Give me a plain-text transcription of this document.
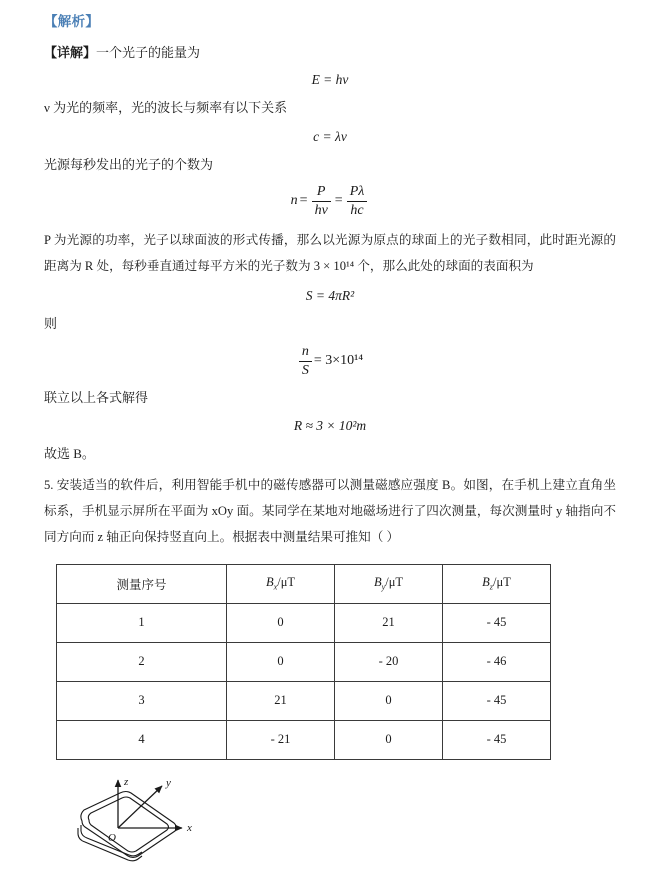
【解析】

【详解】一个光子的能量为

E = hv

ν 为光的频率，光的波长与频率有以下关系

c = λv

光源每秒发出的光子的个数为

$n = \frac{P}{hv} = \frac{P\lambda}{hc}$

P 为光源的功率，光子以球面波的形式传播，那么以光源为原点的球面上的光子数相同，此时距光源的距离为 R 处，每秒垂直通过每平方米的光子数为 3 × 10¹⁴ 个，那么此处的球面的表面积为

S = 4πR²

则

$\frac{n}{S} = 3\times 10^{14}$

联立以上各式解得

R ≈ 3 × 10²m

故选 B。

5. 安装适当的软件后，利用智能手机中的磁传感器可以测量磁感应强度 B。如图，在手机上建立直角坐标系，手机显示屏所在平面为 xOy 面。某同学在某地对地磁场进行了四次测量，每次测量时 y 轴指向不同方向而 z 轴正向保持竖直向上。根据表中测量结果可推知（ ）

测量序号	$B_x/\mu T$	$B_y/\mu T$	$B_z/\mu T$
1	0	21	- 45
2	0	- 20	- 46
3	21	0	- 45
4	- 21	0	- 45
z	y
x
O
